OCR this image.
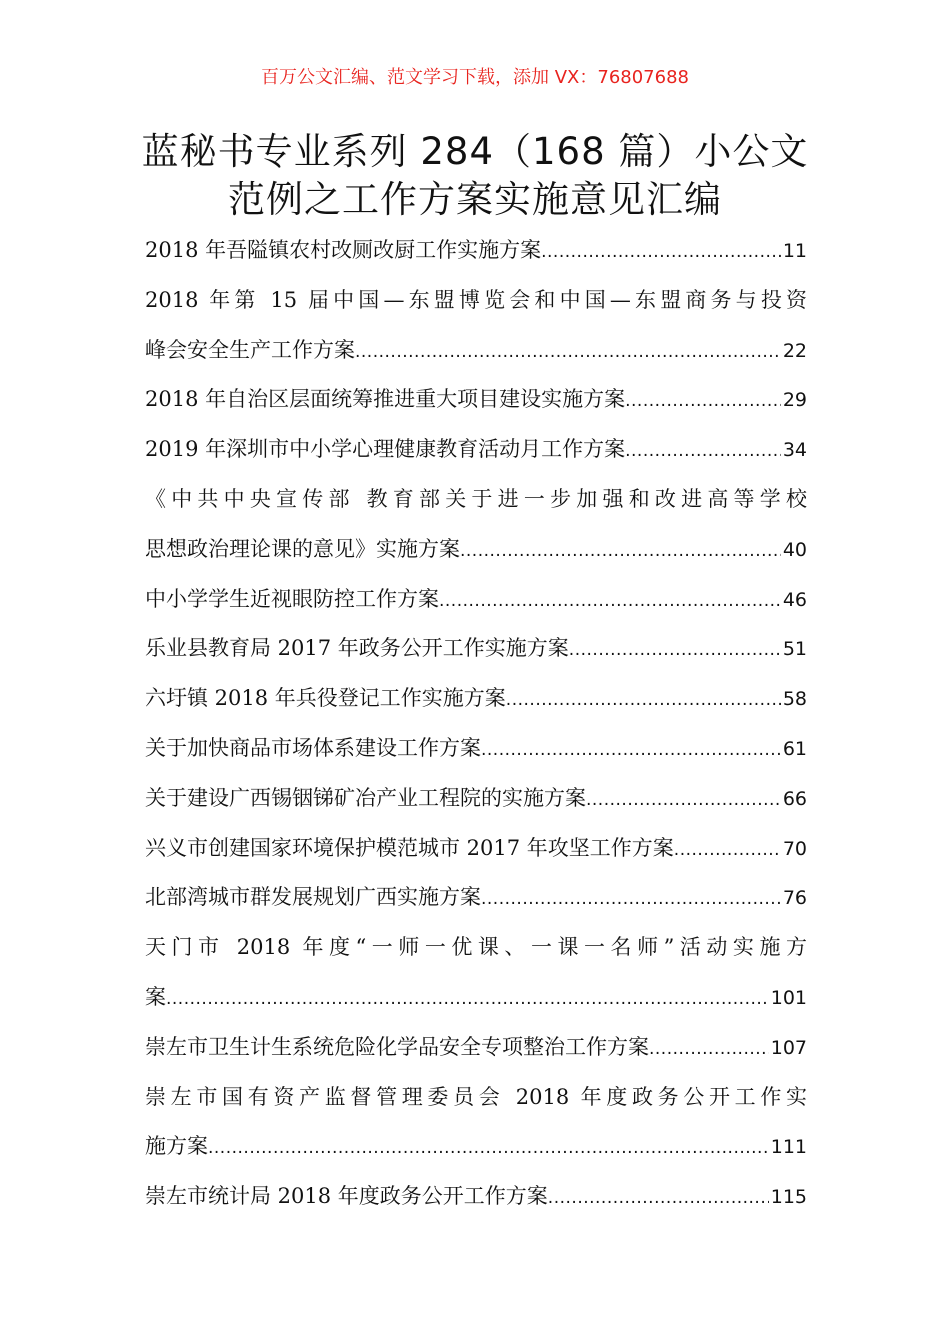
百万公文汇编、范文学习下载，添加 VX：76807688
蓝秘书专业系列 284（168 篇）小公文
范例之工作方案实施意见汇编
2018 年吾隘镇农村改厕改厨工作实施方案 .....	11
2018 年第 15 届中国—东盟博览会和中国—东盟商务与投资
峰会安全生产工作方案 .....	22
2018 年自治区层面统筹推进重大项目建设实施方案 .....	29
2019 年深圳市中小学心理健康教育活动月工作方案 .....	34
《中共中央宣传部 教育部关于进一步加强和改进高等学校
思想政治理论课的意见》实施方案 .....	40
中小学学生近视眼防控工作方案 .....	46
乐业县教育局 2017 年政务公开工作实施方案 .....	51
六圩镇 2018 年兵役登记工作实施方案 .....	58
关于加快商品市场体系建设工作方案 .....	61
关于建设广西锡铟锑矿冶产业工程院的实施方案 .....	66
兴义市创建国家环境保护模范城市 2017 年攻坚工作方案 .....	70
北部湾城市群发展规划广西实施方案 .....	76
天门市 2018 年度“一师一优课、一课一名师”活动实施方
案 .....	101
崇左市卫生计生系统危险化学品安全专项整治工作方案 .....	107
崇左市国有资产监督管理委员会 2018 年度政务公开工作实
施方案 .....	111
崇左市统计局 2018 年度政务公开工作方案 .....	115
